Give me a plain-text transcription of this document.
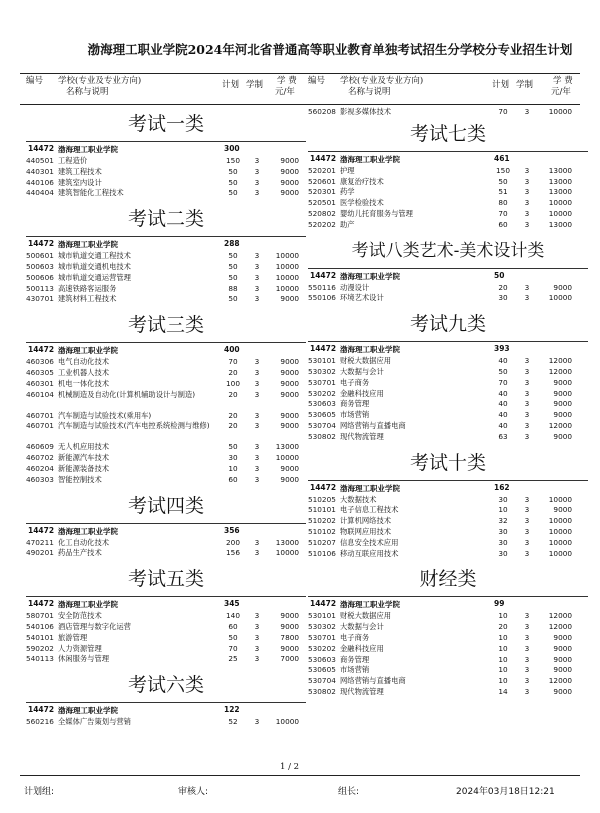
渤海理工职业学院2024年河北省普通高等职业教育单独考试招生分学校分专业招生计划
编号 学校(专业及专业方向)
名称与说明
计划 学制 学 费
元/年
编号 学校(专业及专业方向)
名称与说明
计划 学制 学 费
元/年
考试一类
14472 渤海理工职业学院	300
440501 工程造价	150	3	9000
440301 建筑工程技术	50	3	9000
440106 建筑室内设计	50	3	9000
440404 建筑智能化工程技术	50	3	9000
考试二类
14472 渤海理工职业学院	288
500601 城市轨道交通工程技术	50	3	10000
500603 城市轨道交通机电技术	50	3	10000
500606 城市轨道交通运营管理	50	3	10000
500113 高速铁路客运服务	88	3	10000
430701 建筑材料工程技术	50	3	9000
考试三类
14472 渤海理工职业学院	400
460306 电气自动化技术	70	3	9000
460305 工业机器人技术	20	3	9000
460301 机电一体化技术	100	3	9000
460104 机械制造及自动化(计算机辅助设计与制造)	20	3	9000
460701 汽车制造与试验技术(乘用车)	20	3	9000
460701 汽车制造与试验技术(汽车电控系统检测与维修)	20	3	9000
460609 无人机应用技术	50	3	13000
460702 新能源汽车技术	30	3	10000
460204 新能源装备技术	10	3	9000
460303 智能控制技术	60	3	9000
考试四类
14472 渤海理工职业学院	356
470211 化工自动化技术	200	3	13000
490201 药品生产技术	156	3	10000
考试五类
14472 渤海理工职业学院	345
580701 安全防范技术	140	3	9000
540106 酒店管理与数字化运营	60	3	9000
540101 旅游管理	50	3	7800
590202 人力资源管理	70	3	9000
540113 休闲服务与管理	25	3	7000
考试六类
14472 渤海理工职业学院	122
560216 全媒体广告策划与营销	52	3	10000
560208 影视多媒体技术	70	3	10000
考试七类
14472 渤海理工职业学院	461
520201 护理	150	3	13000
520601 康复治疗技术	50	3	13000
520301 药学	51	3	13000
520501 医学检验技术	80	3	10000
520802 婴幼儿托育服务与管理	70	3	10000
520202 助产	60	3	13000
考试八类艺术-美术设计类
14472 渤海理工职业学院	50
550116 动漫设计	20	3	9000
550106 环境艺术设计	30	3	10000
考试九类
14472 渤海理工职业学院	393
530101 财税大数据应用	40	3	12000
530302 大数据与会计	50	3	12000
530701 电子商务	70	3	9000
530202 金融科技应用	40	3	9000
530603 商务管理	40	3	9000
530605 市场营销	40	3	9000
530704 网络营销与直播电商	40	3	12000
530802 现代物流管理	63	3	9000
考试十类
14472 渤海理工职业学院	162
510205 大数据技术	30	3	10000
510101 电子信息工程技术	10	3	9000
510202 计算机网络技术	32	3	10000
510102 物联网应用技术	30	3	10000
510207 信息安全技术应用	30	3	10000
510106 移动互联应用技术	30	3	10000
财经类
14472 渤海理工职业学院	99
530101 财税大数据应用	10	3	12000
530302 大数据与会计	20	3	12000
530701 电子商务	10	3	9000
530202 金融科技应用	10	3	9000
530603 商务管理	10	3	9000
530605 市场营销	10	3	9000
530704 网络营销与直播电商	10	3	12000
530802 现代物流管理	14	3	9000
1 / 2
计划组:	审核人:	组长:	2024年03月18日12:21
